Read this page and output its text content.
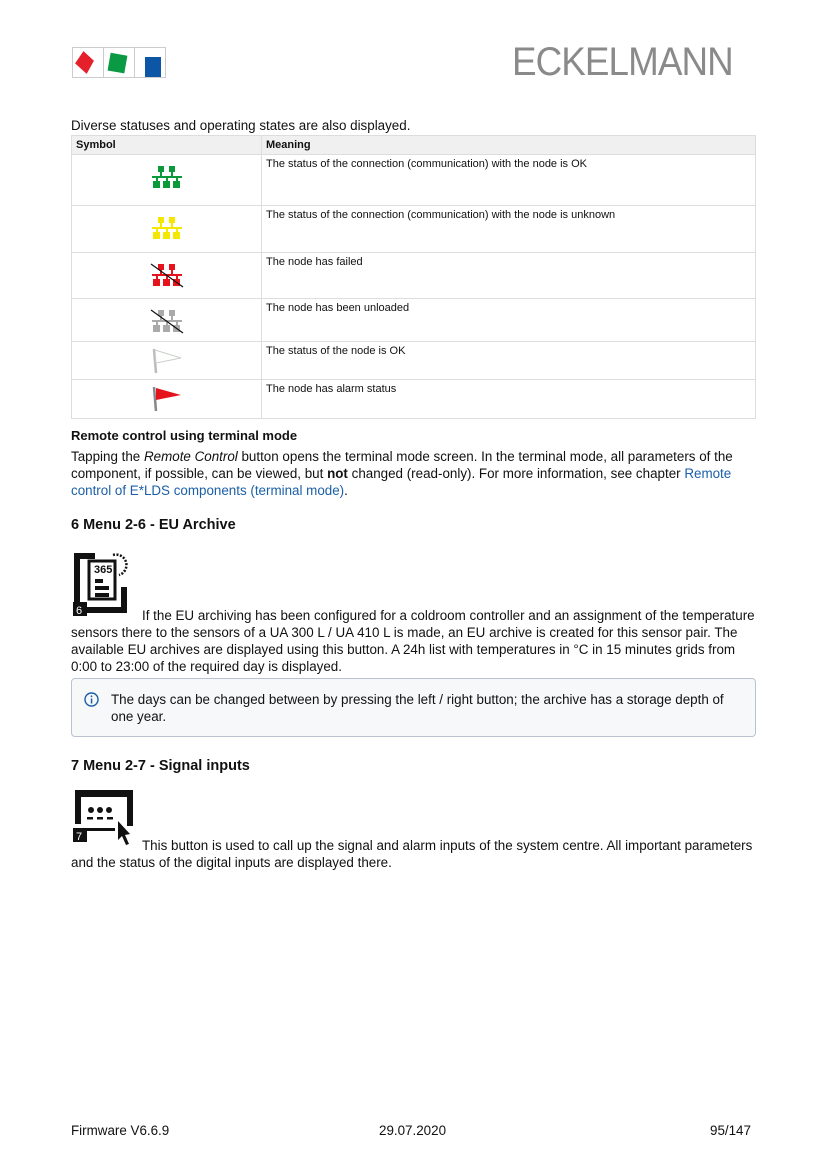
ECKELMANN
Diverse statuses and operating states are also displayed.
Symbol	Meaning

	The status of the connection (communication) with the node is OK

	The status of the connection (communication) with the node is unknown

	The node has failed

	The node has been unloaded

	The status of the node is OK

	The node has alarm status
Remote control using terminal mode
Tapping the Remote Control button opens the terminal mode screen. In the terminal mode, all parameters of the component, if possible, can be viewed, but not changed (read-only). For more information, see chapter Remote control of E*LDS components (terminal mode).
6 Menu 2-6 - EU Archive
365
6	If the EU archiving has been configured for a coldroom controller and an assignment of the temperature sensors there to the sensors of a UA 300 L / UA 410 L is made, an EU archive is created for this sensor pair. The available EU archives are displayed using this button. A 24h list with temperatures in °C in 15 minutes grids from 0:00 to 23:00 of the required day is displayed.
The days can be changed between by pressing the left / right button; the archive has a storage depth of one year.
7 Menu 2-7 - Signal inputs
7
This button is used to call up the signal and alarm inputs of the system centre. All important parameters and the status of the digital inputs are displayed there.
Firmware V6.6.9	29.07.2020	95/147
